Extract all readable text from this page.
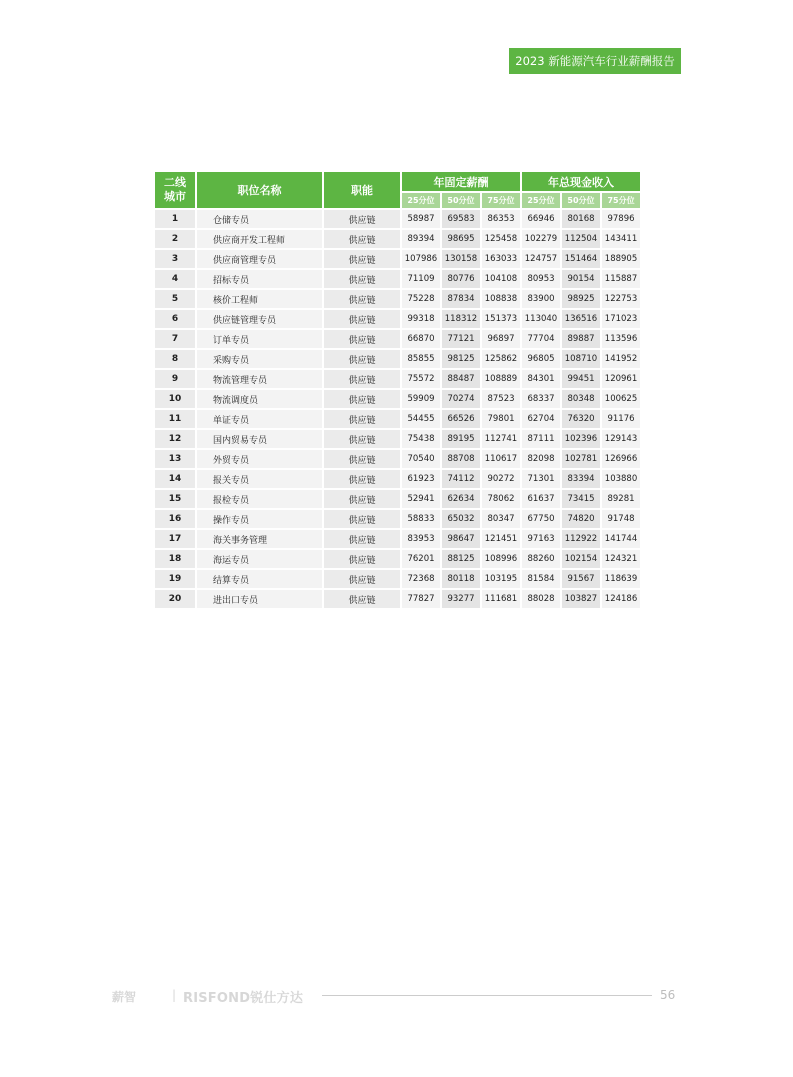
2023 新能源汽车行业薪酬报告
二线
城市	职位名称	职能	年固定薪酬			年总现金收入		
			25分位	50分位	75分位	25分位	50分位	75分位
1	仓储专员	供应链	58987	69583	86353	66946	80168	97896
2	供应商开发工程师	供应链	89394	98695	125458	102279	112504	143411
3	供应商管理专员	供应链	107986	130158	163033	124757	151464	188905
4	招标专员	供应链	71109	80776	104108	80953	90154	115887
5	核价工程师	供应链	75228	87834	108838	83900	98925	122753
6	供应链管理专员	供应链	99318	118312	151373	113040	136516	171023
7	订单专员	供应链	66870	77121	96897	77704	89887	113596
8	采购专员	供应链	85855	98125	125862	96805	108710	141952
9	物流管理专员	供应链	75572	88487	108889	84301	99451	120961
10	物流调度员	供应链	59909	70274	87523	68337	80348	100625
11	单证专员	供应链	54455	66526	79801	62704	76320	91176
12	国内贸易专员	供应链	75438	89195	112741	87111	102396	129143
13	外贸专员	供应链	70540	88708	110617	82098	102781	126966
14	报关专员	供应链	61923	74112	90272	71301	83394	103880
15	报检专员	供应链	52941	62634	78062	61637	73415	89281
16	操作专员	供应链	58833	65032	80347	67750	74820	91748
17	海关事务管理	供应链	83953	98647	121451	97163	112922	141744
18	海运专员	供应链	76201	88125	108996	88260	102154	124321
19	结算专员	供应链	72368	80118	103195	81584	91567	118639
20	进出口专员	供应链	77827	93277	111681	88028	103827	124186
薪智	| RISFOND锐仕方达	56
